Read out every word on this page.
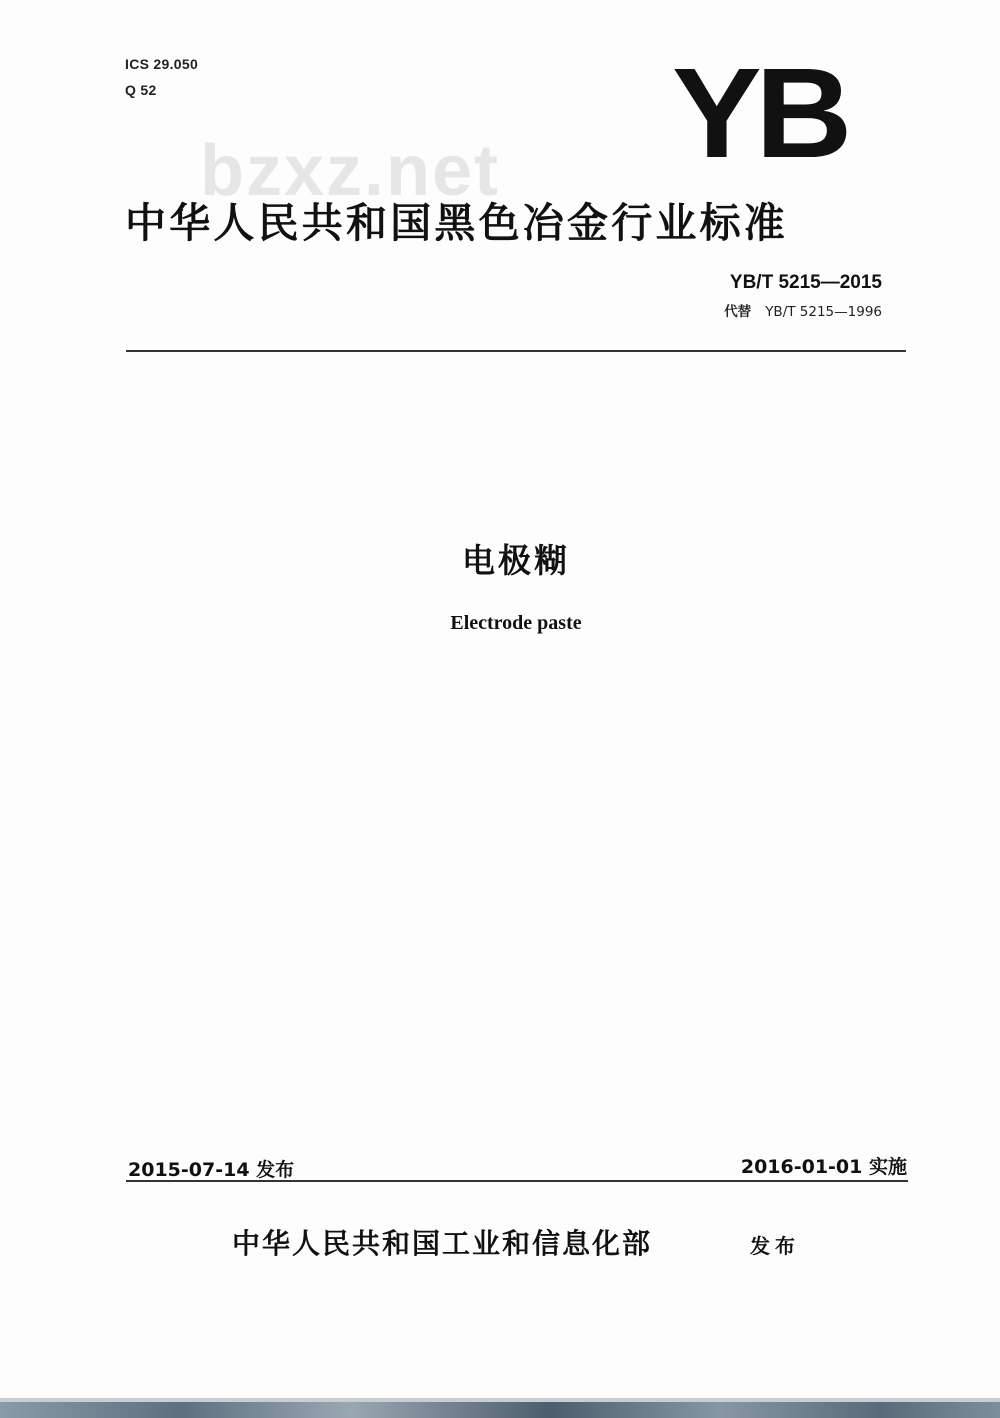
ICS 29.050
Q 52
bzxz.net YB
中华人民共和国黑色冶金行业标准
YB/T 5215—2015
代替 YB/T 5215—1996
电极糊
Electrode paste
2015-07-14 发布	2016-01-01 实施
中华人民共和国工业和信息化部	发布
